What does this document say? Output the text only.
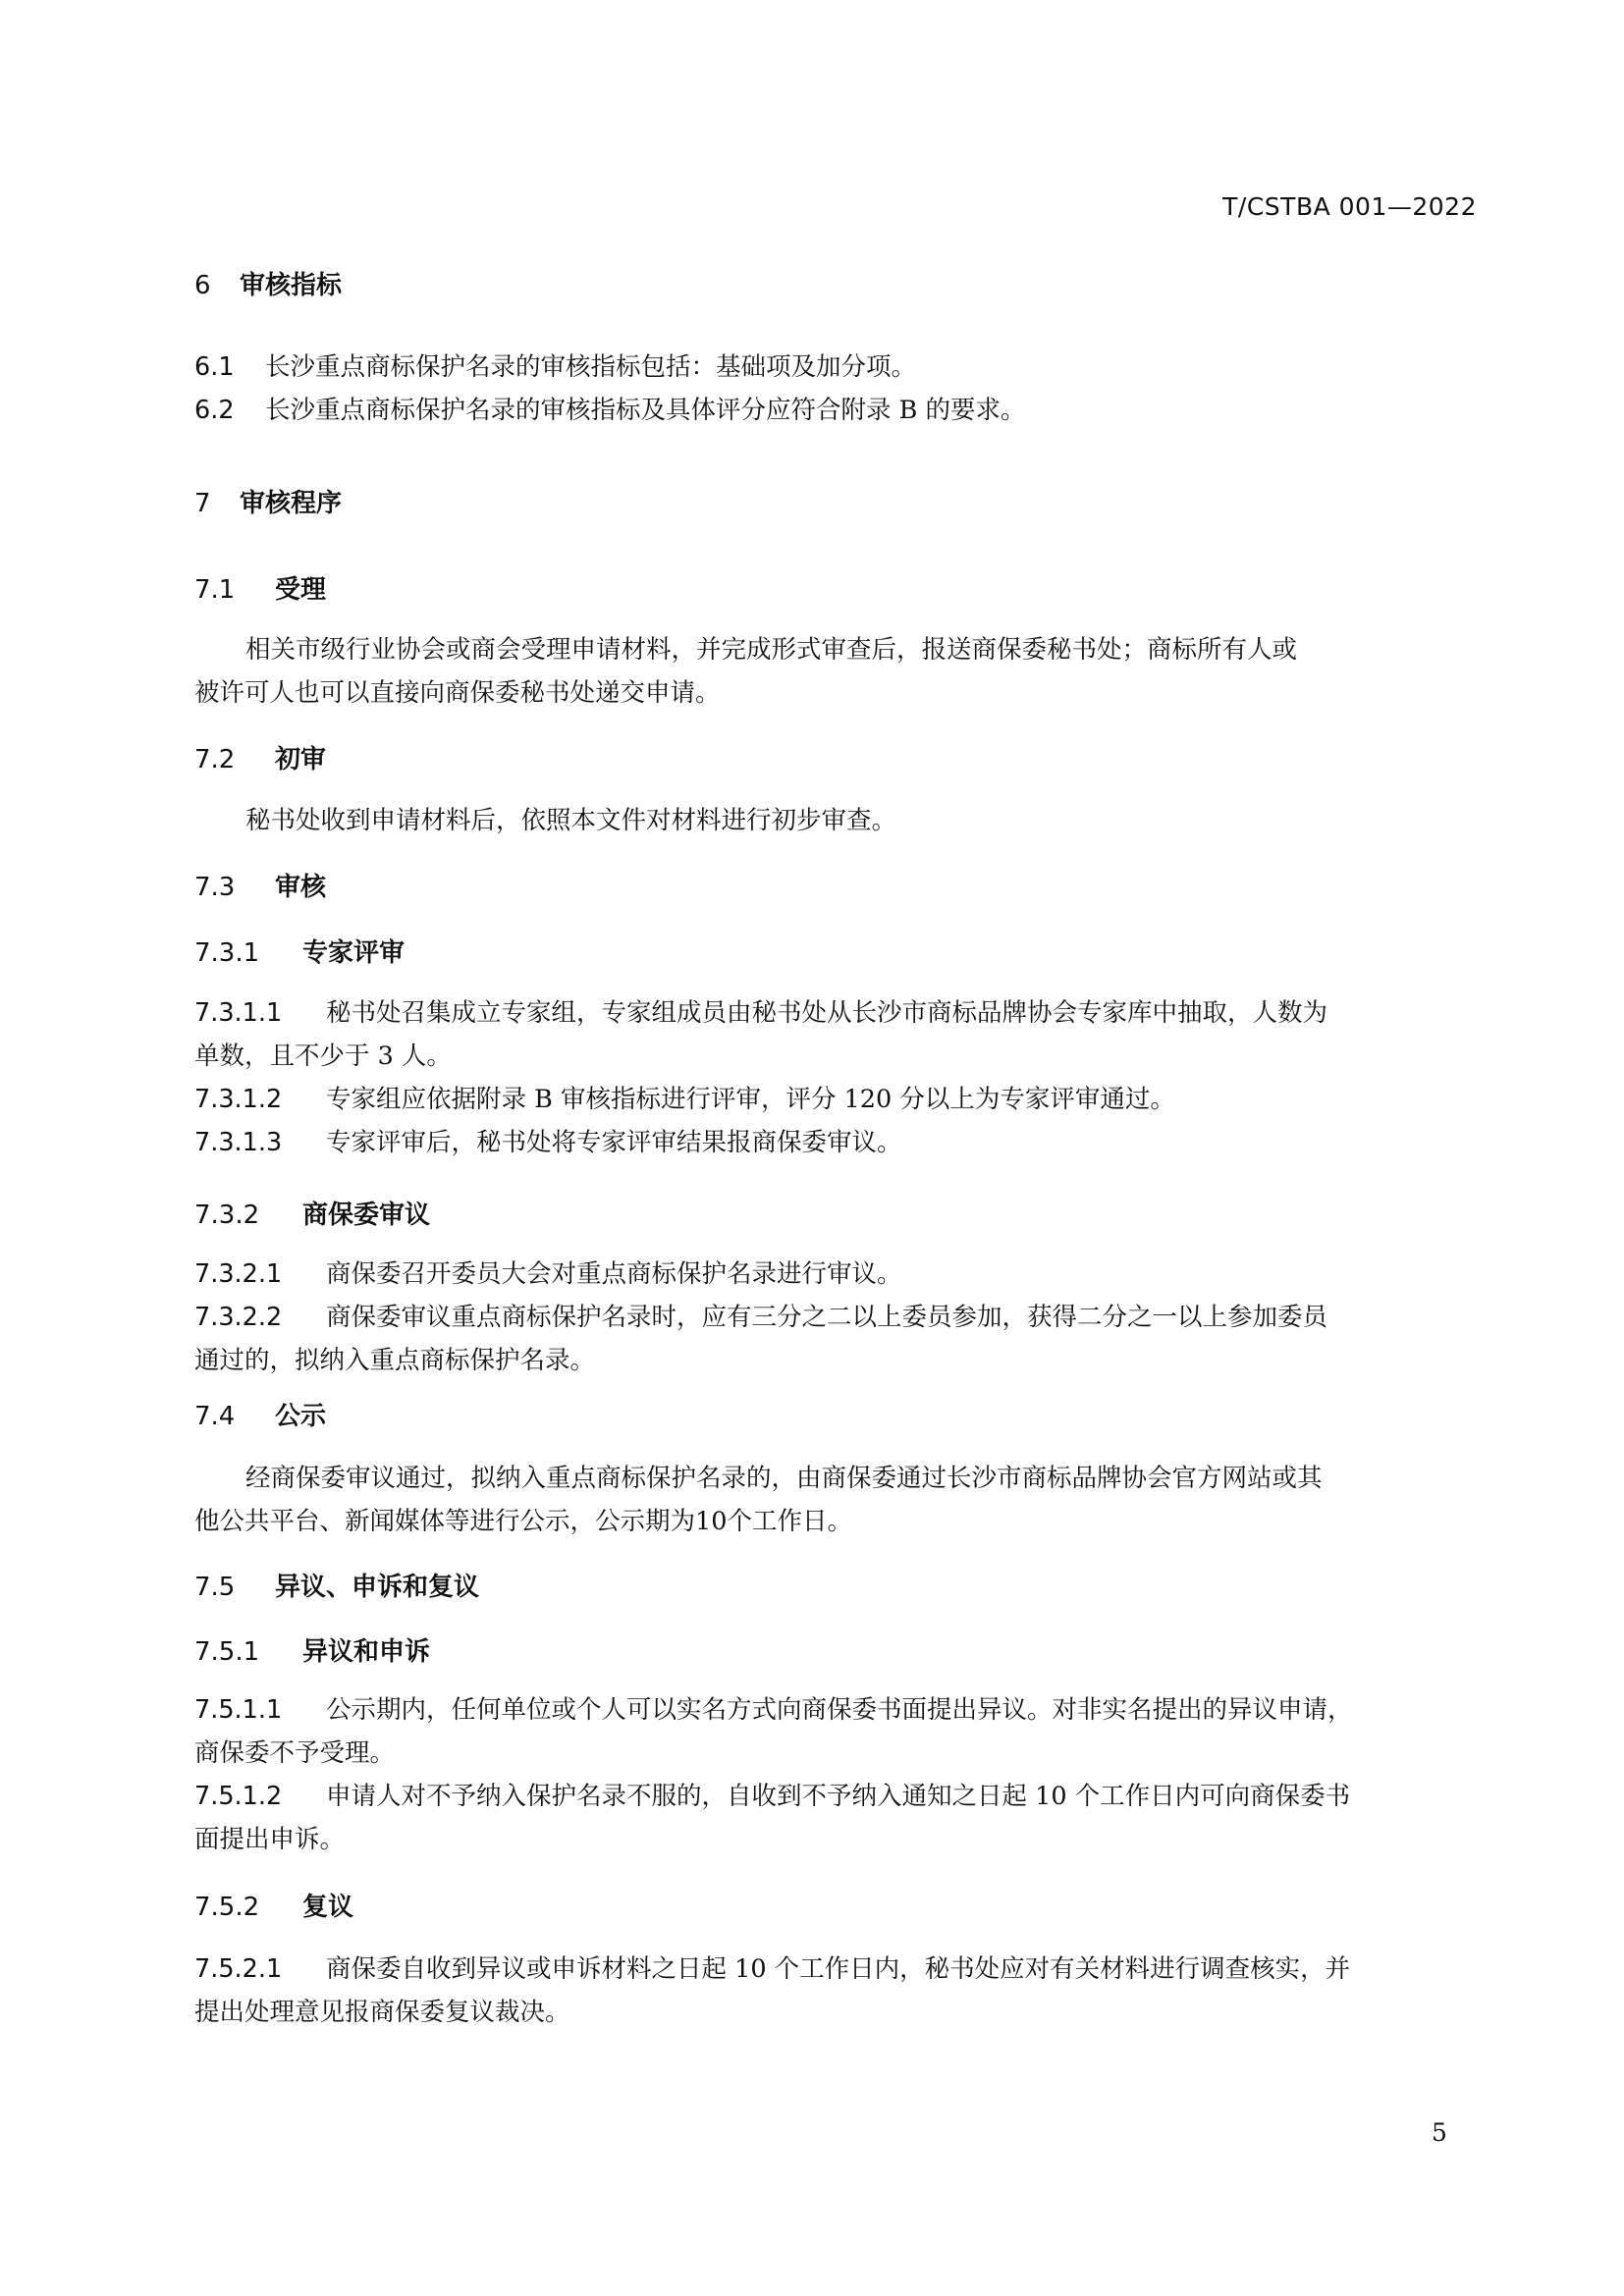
T/CSTBA 001—2022
6 审核指标
6.1 长沙重点商标保护名录的审核指标包括：基础项及加分项。
6.2 长沙重点商标保护名录的审核指标及具体评分应符合附录 B 的要求。
7 审核程序
7.1 受理
相关市级行业协会或商会受理申请材料，并完成形式审查后，报送商保委秘书处；商标所有人或
被许可人也可以直接向商保委秘书处递交申请。
7.2 初审
秘书处收到申请材料后，依照本文件对材料进行初步审查。
7.3 审核
7.3.1 专家评审
7.3.1.1 秘书处召集成立专家组，专家组成员由秘书处从长沙市商标品牌协会专家库中抽取，人数为
单数，且不少于 3 人。
7.3.1.2 专家组应依据附录 B 审核指标进行评审，评分 120 分以上为专家评审通过。
7.3.1.3 专家评审后，秘书处将专家评审结果报商保委审议。
7.3.2 商保委审议
7.3.2.1 商保委召开委员大会对重点商标保护名录进行审议。
7.3.2.2 商保委审议重点商标保护名录时，应有三分之二以上委员参加，获得二分之一以上参加委员
通过的，拟纳入重点商标保护名录。
7.4 公示
经商保委审议通过，拟纳入重点商标保护名录的，由商保委通过长沙市商标品牌协会官方网站或其
他公共平台、新闻媒体等进行公示，公示期为10个工作日。
7.5 异议、申诉和复议
7.5.1 异议和申诉
7.5.1.1 公示期内，任何单位或个人可以实名方式向商保委书面提出异议。对非实名提出的异议申请，
商保委不予受理。
7.5.1.2 申请人对不予纳入保护名录不服的，自收到不予纳入通知之日起 10 个工作日内可向商保委书
面提出申诉。
7.5.2 复议
7.5.2.1 商保委自收到异议或申诉材料之日起 10 个工作日内，秘书处应对有关材料进行调查核实，并
提出处理意见报商保委复议裁决。
5
